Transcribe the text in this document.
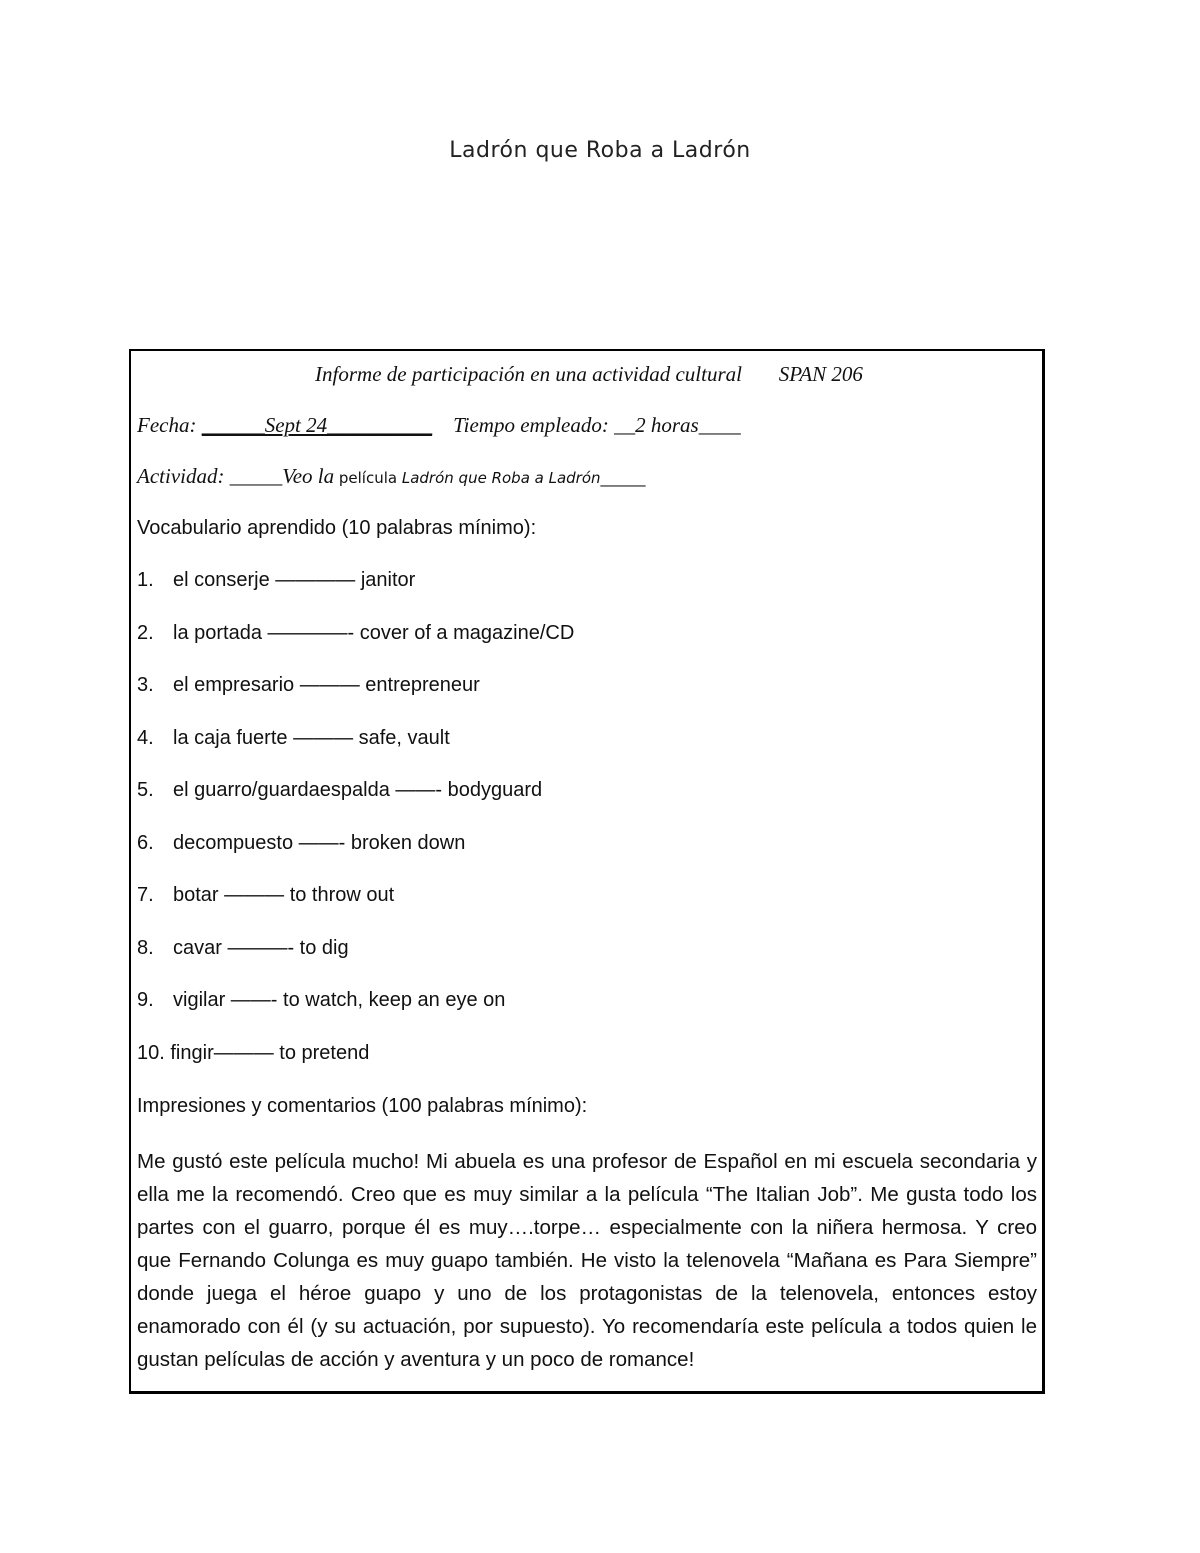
Ladrón que Roba a Ladrón
Informe de participación en una actividad cultural SPAN 206
Fecha: ______Sept 24__________ Tiempo empleado: __2 horas____
Actividad: _____Veo la película Ladrón que Roba a Ladrón______
Vocabulario aprendido (10 palabras mínimo):
1. el conserje ———— janitor
2. la portada ————- cover of a magazine/CD
3. el empresario ——— entrepreneur
4. la caja fuerte ——— safe, vault
5. el guarro/guardaespalda ——- bodyguard
6. decompuesto ——- broken down
7. botar ——— to throw out
8. cavar ———- to dig
9. vigilar ——- to watch, keep an eye on
10. fingir——— to pretend
Impresiones y comentarios (100 palabras mínimo):
Me gustó este película mucho! Mi abuela es una profesor de Español en mi escuela secondaria y ella me la recomendó. Creo que es muy similar a la película “The Italian Job”. Me gusta todo los partes con el guarro, porque él es muy….torpe… especialmente con la niñera hermosa. Y creo que Fernando Colunga es muy guapo también. He visto la telenovela “Mañana es Para Siempre” donde juega el héroe guapo y uno de los protagonistas de la telenovela, entonces estoy enamorado con él (y su actuación, por supuesto). Yo recomendaría este película a todos quien le gustan películas de acción y aventura y un poco de romance!
